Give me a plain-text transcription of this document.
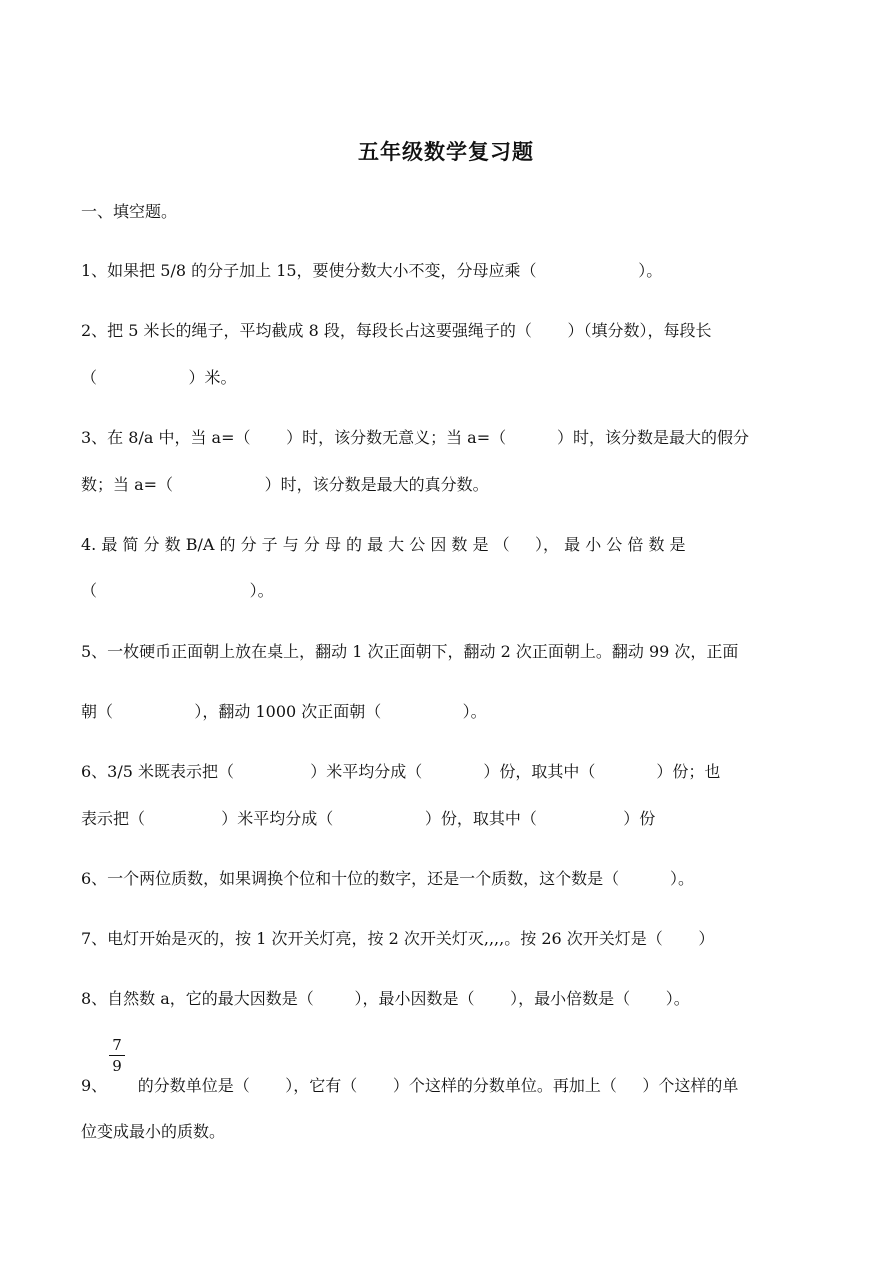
五年级数学复习题
一、填空题。
1、如果把 5/8 的分子加上 15，要使分数大小不变，分母应乘（                    ）。
2、把 5 米长的绳子，平均截成 8 段，每段长占这要强绳子的（       ）（填分数），每段长
（                  ）米。
3、在 8/a 中，当 a=（       ）时，该分数无意义；当 a=（          ）时，该分数是最大的假分
数；当 a=（                  ）时，该分数是最大的真分数。
4. 最 简 分 数 B/A 的 分 子 与 分 母 的 最 大 公 因 数 是 （     ）， 最 小 公 倍 数 是
（                              ）。
5、一枚硬币正面朝上放在桌上，翻动 1 次正面朝下，翻动 2 次正面朝上。翻动 99 次，正面
朝（                ），翻动 1000 次正面朝（                ）。
6、3/5 米既表示把（               ）米平均分成（            ）份，取其中（            ）份；也
表示把（               ）米平均分成（                  ）份，取其中（                 ）份
6、一个两位质数，如果调换个位和十位的数字，还是一个质数，这个数是（          ）。
7、电灯开始是灭的，按 1 次开关灯亮，按 2 次开关灯灭,,,,。按 26 次开关灯是（       ）
8、自然数 a，它的最大因数是（        ），最小因数是（       ），最小倍数是（       ）。
7
9
9、      的分数单位是（       ），它有（       ）个这样的分数单位。再加上（     ）个这样的单
位变成最小的质数。
